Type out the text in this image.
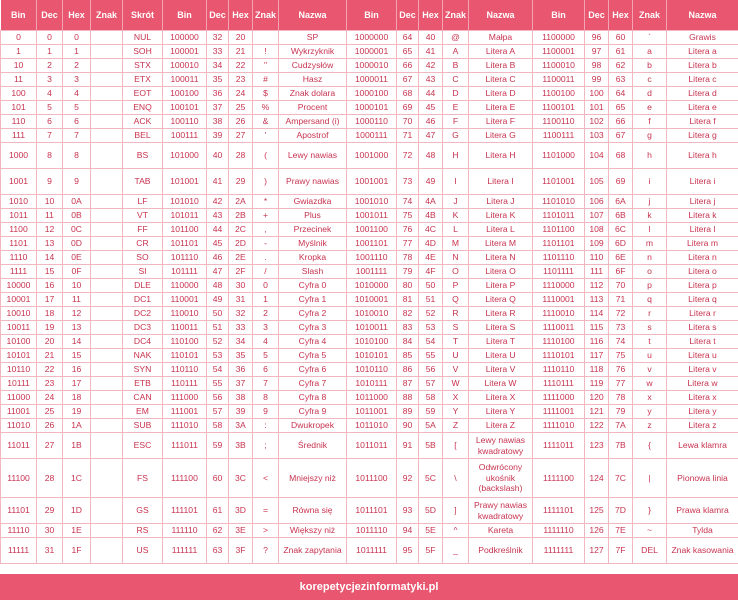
Bin	Dec	Hex	Znak	Skrót	Bin	Dec	Hex	Znak	Nazwa	Bin	Dec	Hex	Znak	Nazwa	Bin	Dec	Hex	Znak	Nazwa
0	0	0		NUL	100000	32	20		SP	1000000	64	40	@	Małpa	1100000	96	60	`	Grawis
1	1	1		SOH	100001	33	21	!	Wykrzyknik	1000001	65	41	A	Litera A	1100001	97	61	a	Litera a
10	2	2		STX	100010	34	22	"	Cudzysłów	1000010	66	42	B	Litera B	1100010	98	62	b	Litera b
11	3	3		ETX	100011	35	23	#	Hasz	1000011	67	43	C	Litera C	1100011	99	63	c	Litera c
100	4	4		EOT	100100	36	24	$	Znak dolara	1000100	68	44	D	Litera D	1100100	100	64	d	Litera d
101	5	5		ENQ	100101	37	25	%	Procent	1000101	69	45	E	Litera E	1100101	101	65	e	Litera e
110	6	6		ACK	100110	38	26	&	Ampersand (i)	1000110	70	46	F	Litera F	1100110	102	66	f	Litera f
111	7	7		BEL	100111	39	27	'	Apostrof	1000111	71	47	G	Litera G	1100111	103	67	g	Litera g
1000	8	8		BS	101000	40	28	(	Lewy nawias	1001000	72	48	H	Litera H	1101000	104	68	h	Litera h
1001	9	9		TAB	101001	41	29	)	Prawy nawias	1001001	73	49	I	Litera I	1101001	105	69	i	Litera i
1010	10	0A		LF	101010	42	2A	*	Gwiazdka	1001010	74	4A	J	Litera J	1101010	106	6A	j	Litera j
1011	11	0B		VT	101011	43	2B	+	Plus	1001011	75	4B	K	Litera K	1101011	107	6B	k	Litera k
1100	12	0C		FF	101100	44	2C	,	Przecinek	1001100	76	4C	L	Litera L	1101100	108	6C	l	Litera l
1101	13	0D		CR	101101	45	2D	-	Myślnik	1001101	77	4D	M	Litera M	1101101	109	6D	m	Litera m
1110	14	0E		SO	101110	46	2E	.	Kropka	1001110	78	4E	N	Litera N	1101110	110	6E	n	Litera n
1111	15	0F		SI	101111	47	2F	/	Slash	1001111	79	4F	O	Litera O	1101111	111	6F	o	Litera o
10000	16	10		DLE	110000	48	30	0	Cyfra 0	1010000	80	50	P	Litera P	1110000	112	70	p	Litera p
10001	17	11		DC1	110001	49	31	1	Cyfra 1	1010001	81	51	Q	Litera Q	1110001	113	71	q	Litera q
10010	18	12		DC2	110010	50	32	2	Cyfra 2	1010010	82	52	R	Litera R	1110010	114	72	r	Litera r
10011	19	13		DC3	110011	51	33	3	Cyfra 3	1010011	83	53	S	Litera S	1110011	115	73	s	Litera s
10100	20	14		DC4	110100	52	34	4	Cyfra 4	1010100	84	54	T	Litera T	1110100	116	74	t	Litera t
10101	21	15		NAK	110101	53	35	5	Cyfra 5	1010101	85	55	U	Litera U	1110101	117	75	u	Litera u
10110	22	16		SYN	110110	54	36	6	Cyfra 6	1010110	86	56	V	Litera V	1110110	118	76	v	Litera v
10111	23	17		ETB	110111	55	37	7	Cyfra 7	1010111	87	57	W	Litera W	1110111	119	77	w	Litera w
11000	24	18		CAN	111000	56	38	8	Cyfra 8	1011000	88	58	X	Litera X	1111000	120	78	x	Litera x
11001	25	19		EM	111001	57	39	9	Cyfra 9	1011001	89	59	Y	Litera Y	1111001	121	79	y	Litera y
11010	26	1A		SUB	111010	58	3A	:	Dwukropek	1011010	90	5A	Z	Litera Z	1111010	122	7A	z	Litera z
11011	27	1B		ESC	111011	59	3B	;	Średnik	1011011	91	5B	[	Lewy nawias kwadratowy	1111011	123	7B	{	Lewa klamra
11100	28	1C		FS	111100	60	3C	<	Mniejszy niż	1011100	92	5C	\	Odwrócony ukośnik (backslash)	1111100	124	7C	|	Pionowa linia
11101	29	1D		GS	111101	61	3D	=	Równa się	1011101	93	5D	]	Prawy nawias kwadratowy	1111101	125	7D	}	Prawa klamra
11110	30	1E		RS	111110	62	3E	>	Większy niż	1011110	94	5E	^	Kareta	1111110	126	7E	~	Tylda
11111	31	1F		US	111111	63	3F	?	Znak zapytania	1011111	95	5F	_	Podkreślnik	1111111	127	7F	DEL	Znak kasowania
korepetycjezinformatyki.pl
